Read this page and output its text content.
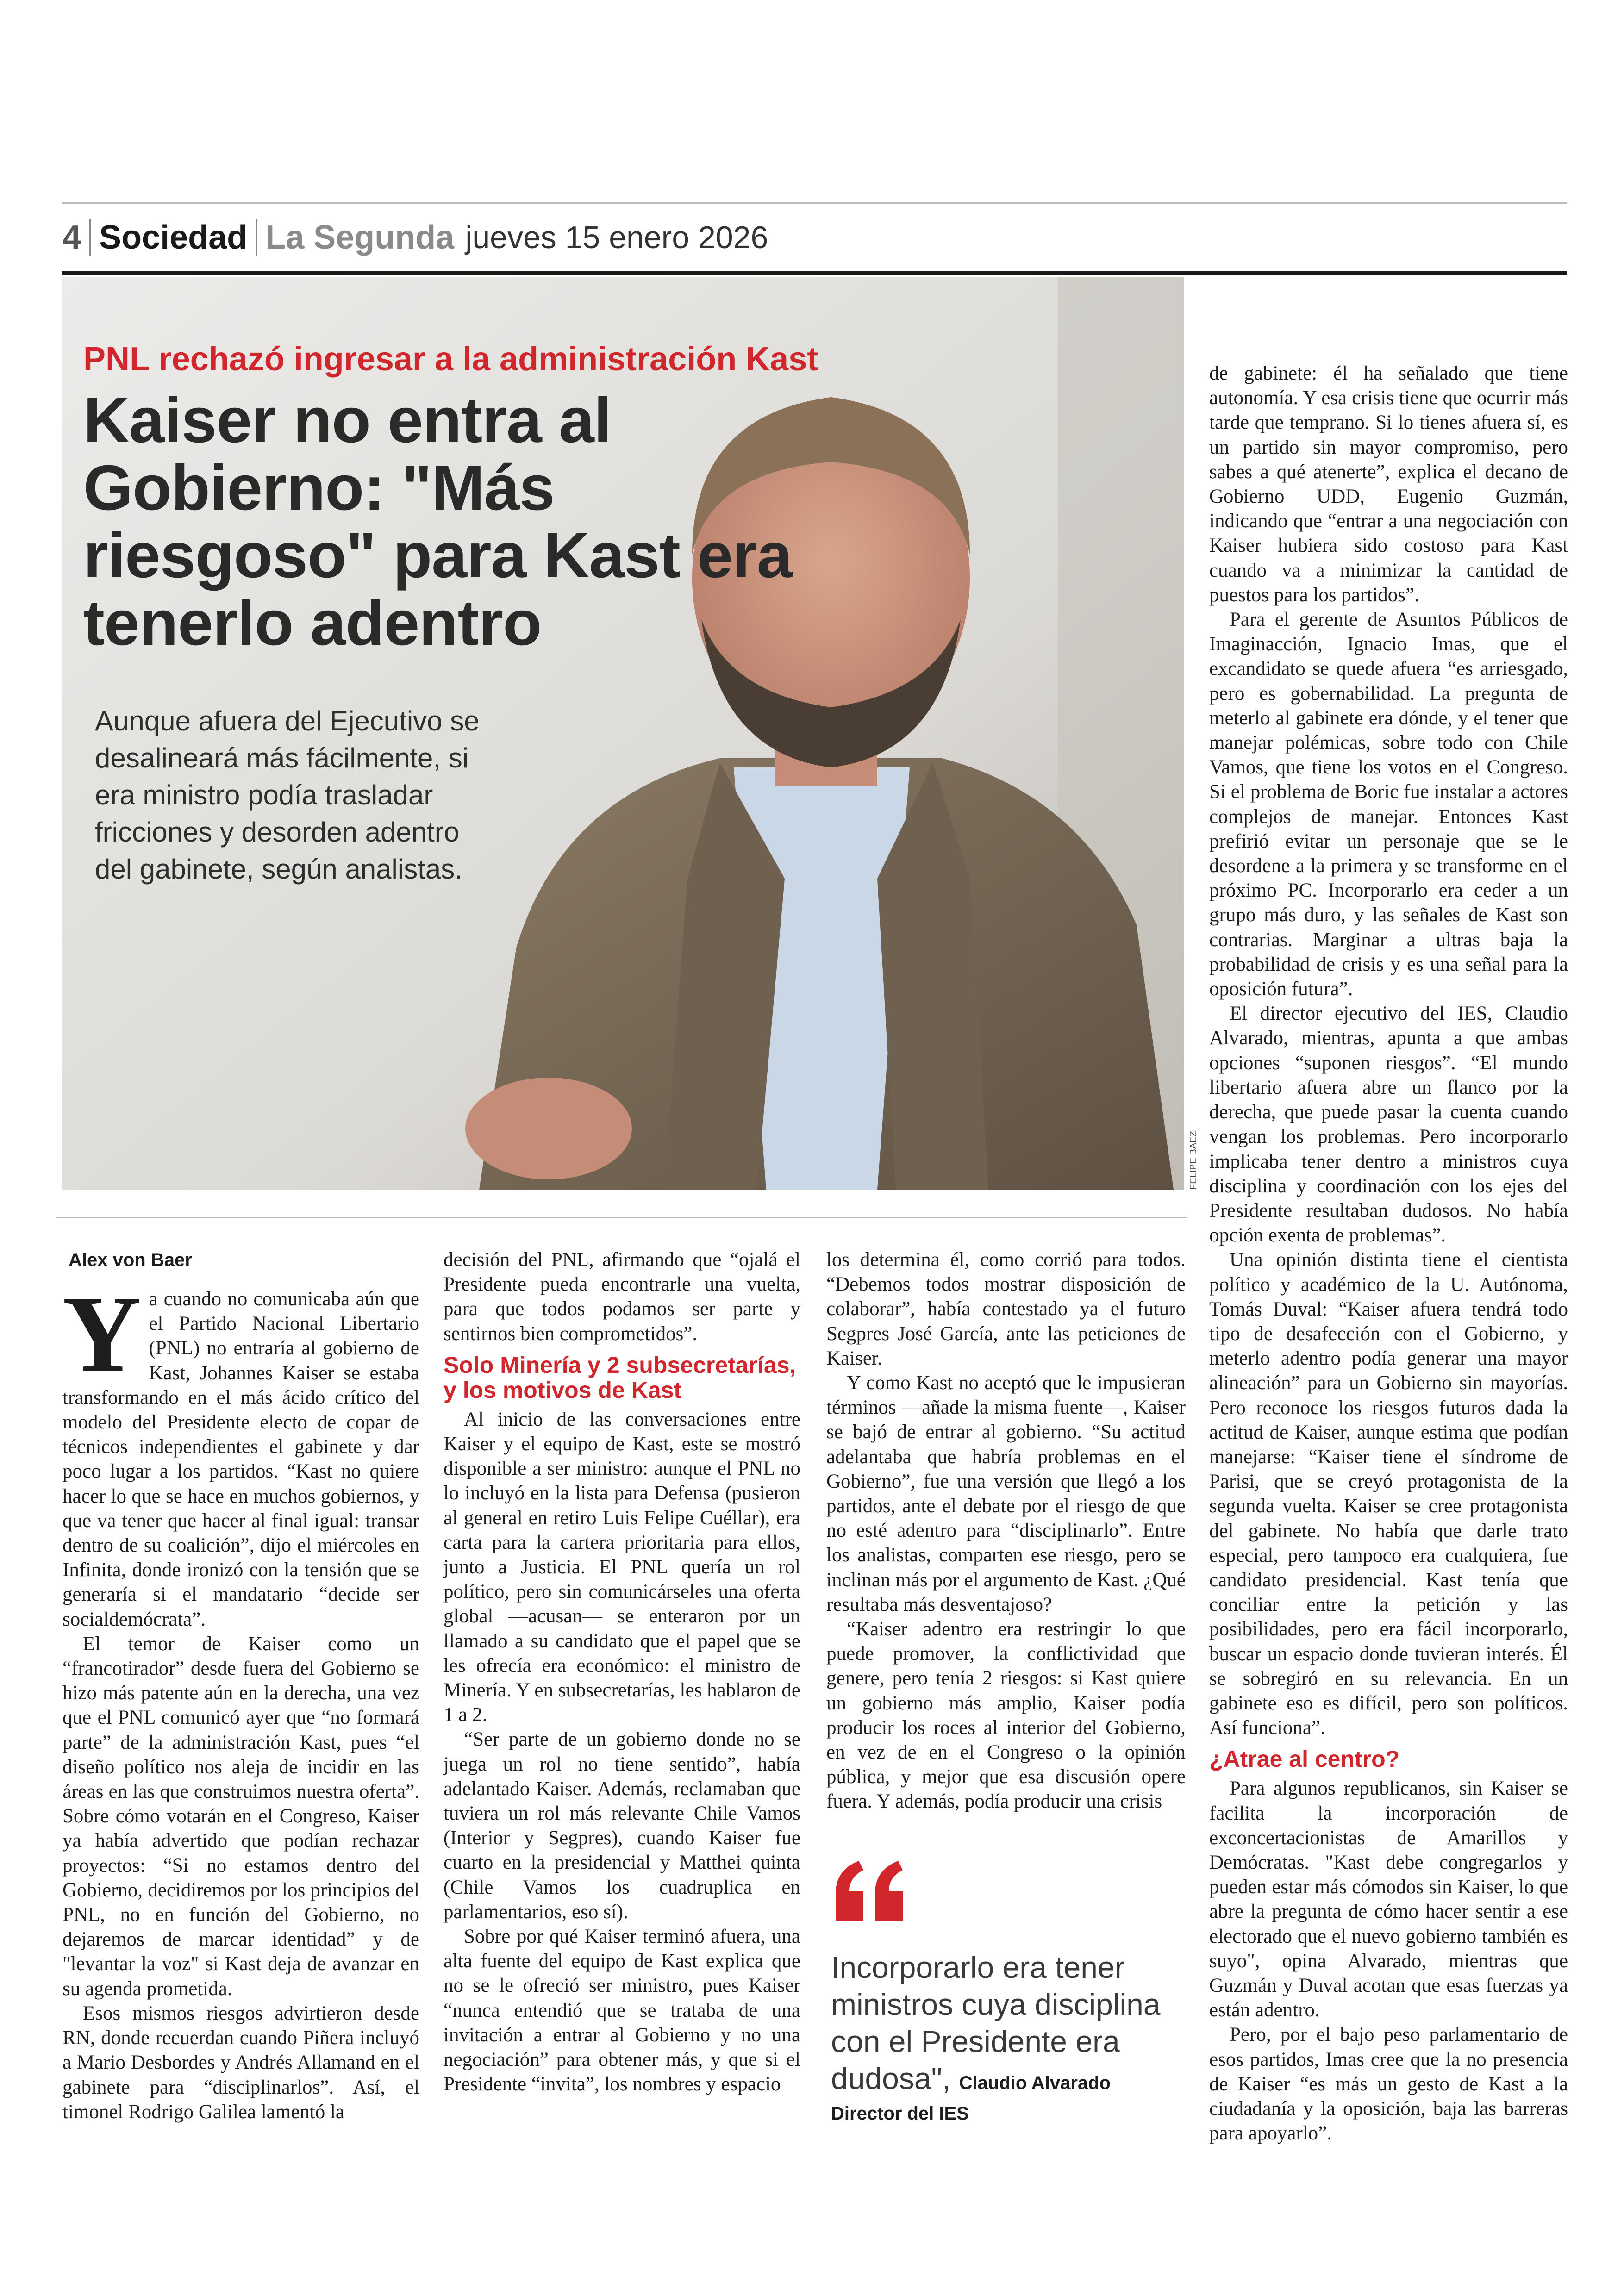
4 Sociedad La Segunda jueves 15 enero 2026
PNL rechazó ingresar a la administración Kast
Kaiser no entra al Gobierno: "Más riesgoso" para Kast era tenerlo adentro
Aunque afuera del Ejecutivo se desalineará más fácilmente, si era ministro podía trasladar fricciones y desorden adentro del gabinete, según analistas.
FELIPE BAEZ
Alex von Baer

Ya cuando no comunicaba aún que el Partido Nacional Libertario (PNL) no entraría al gobierno de Kast, Johannes Kaiser se estaba transformando en el más ácido crítico del modelo del Presidente electo de copar de técnicos independientes el gabinete y dar poco lugar a los partidos. “Kast no quiere hacer lo que se hace en muchos gobiernos, y que va tener que hacer al final igual: transar dentro de su coalición”, dijo el miércoles en Infinita, donde ironizó con la tensión que se generaría si el mandatario “decide ser socialdemócrata”.

El temor de Kaiser como un “francotirador” desde fuera del Gobierno se hizo más patente aún en la derecha, una vez que el PNL comunicó ayer que “no formará parte” de la administración Kast, pues “el diseño político nos aleja de incidir en las áreas en las que construimos nuestra oferta”. Sobre cómo votarán en el Congreso, Kaiser ya había advertido que podían rechazar proyectos: “Si no estamos dentro del Gobierno, decidiremos por los principios del PNL, no en función del Gobierno, no dejaremos de marcar identidad” y de "levantar la voz" si Kast deja de avanzar en su agenda prometida.

Esos mismos riesgos advirtieron desde RN, donde recuerdan cuando Piñera incluyó a Mario Desbordes y Andrés Allamand en el gabinete para “disciplinarlos”. Así, el timonel Rodrigo Galilea lamentó la

decisión del PNL, afirmando que “ojalá el Presidente pueda encontrarle una vuelta, para que todos podamos ser parte y sentirnos bien comprometidos”.

Solo Minería y 2 subsecretarías, y los motivos de Kast

Al inicio de las conversaciones entre Kaiser y el equipo de Kast, este se mostró disponible a ser ministro: aunque el PNL no lo incluyó en la lista para Defensa (pusieron al general en retiro Luis Felipe Cuéllar), era carta para la cartera prioritaria para ellos, junto a Justicia. El PNL quería un rol político, pero sin comunicárseles una oferta global —acusan— se enteraron por un llamado a su candidato que el papel que se les ofrecía era económico: el ministro de Minería. Y en subsecretarías, les hablaron de 1 a 2.

“Ser parte de un gobierno donde no se juega un rol no tiene sentido”, había adelantado Kaiser. Además, reclamaban que tuviera un rol más relevante Chile Vamos (Interior y Segpres), cuando Kaiser fue cuarto en la presidencial y Matthei quinta (Chile Vamos los cuadruplica en parlamentarios, eso sí).

Sobre por qué Kaiser terminó afuera, una alta fuente del equipo de Kast explica que no se le ofreció ser ministro, pues Kaiser “nunca entendió que se trataba de una invitación a entrar al Gobierno y no una negociación” para obtener más, y que si el Presidente “invita”, los nombres y espacio

los determina él, como corrió para todos. “Debemos todos mostrar disposición de colaborar”, había contestado ya el futuro Segpres José García, ante las peticiones de Kaiser.

Y como Kast no aceptó que le impusieran términos —añade la misma fuente—, Kaiser se bajó de entrar al gobierno. “Su actitud adelantaba que habría problemas en el Gobierno”, fue una versión que llegó a los partidos, ante el debate por el riesgo de que no esté adentro para “disciplinarlo”. Entre los analistas, comparten ese riesgo, pero se inclinan más por el argumento de Kast. ¿Qué resultaba más desventajoso?

“Kaiser adentro era restringir lo que puede promover, la conflictividad que genere, pero tenía 2 riesgos: si Kast quiere un gobierno más amplio, Kaiser podía producir los roces al interior del Gobierno, en vez de en el Congreso o la opinión pública, y mejor que esa discusión opere fuera. Y además, podía producir una crisis

Incorporarlo era tener ministros cuya disciplina con el Presidente era dudosa", Claudio Alvarado
Director del IES

de gabinete: él ha señalado que tiene autonomía. Y esa crisis tiene que ocurrir más tarde que temprano. Si lo tienes afuera sí, es un partido sin mayor compromiso, pero sabes a qué atenerte”, explica el decano de Gobierno UDD, Eugenio Guzmán, indicando que “entrar a una negociación con Kaiser hubiera sido costoso para Kast cuando va a minimizar la cantidad de puestos para los partidos”.

Para el gerente de Asuntos Públicos de Imaginacción, Ignacio Imas, que el excandidato se quede afuera “es arriesgado, pero es gobernabilidad. La pregunta de meterlo al gabinete era dónde, y el tener que manejar polémicas, sobre todo con Chile Vamos, que tiene los votos en el Congreso. Si el problema de Boric fue instalar a actores complejos de manejar. Entonces Kast prefirió evitar un personaje que se le desordene a la primera y se transforme en el próximo PC. Incorporarlo era ceder a un grupo más duro, y las señales de Kast son contrarias. Marginar a ultras baja la probabilidad de crisis y es una señal para la oposición futura”.

El director ejecutivo del IES, Claudio Alvarado, mientras, apunta a que ambas opciones “suponen riesgos”. “El mundo libertario afuera abre un flanco por la derecha, que puede pasar la cuenta cuando vengan los problemas. Pero incorporarlo implicaba tener dentro a ministros cuya disciplina y coordinación con los ejes del Presidente resultaban dudosos. No había opción exenta de problemas”.

Una opinión distinta tiene el cientista político y académico de la U. Autónoma, Tomás Duval: “Kaiser afuera tendrá todo tipo de desafección con el Gobierno, y meterlo adentro podía generar una mayor alineación” para un Gobierno sin mayorías. Pero reconoce los riesgos futuros dada la actitud de Kaiser, aunque estima que podían manejarse: “Kaiser tiene el síndrome de Parisi, que se creyó protagonista de la segunda vuelta. Kaiser se cree protagonista del gabinete. No había que darle trato especial, pero tampoco era cualquiera, fue candidato presidencial. Kast tenía que conciliar entre la petición y las posibilidades, pero era fácil incorporarlo, buscar un espacio donde tuvieran interés. Él se sobregiró en su relevancia. En un gabinete eso es difícil, pero son políticos. Así funciona”.

¿Atrae al centro?

Para algunos republicanos, sin Kaiser se facilita la incorporación de exconcertacionistas de Amarillos y Demócratas. "Kast debe congregarlos y pueden estar más cómodos sin Kaiser, lo que abre la pregunta de cómo hacer sentir a ese electorado que el nuevo gobierno también es suyo", opina Alvarado, mientras que Guzmán y Duval acotan que esas fuerzas ya están adentro.

Pero, por el bajo peso parlamentario de esos partidos, Imas cree que la no presencia de Kaiser “es más un gesto de Kast a la ciudadanía y la oposición, baja las barreras para apoyarlo”.
